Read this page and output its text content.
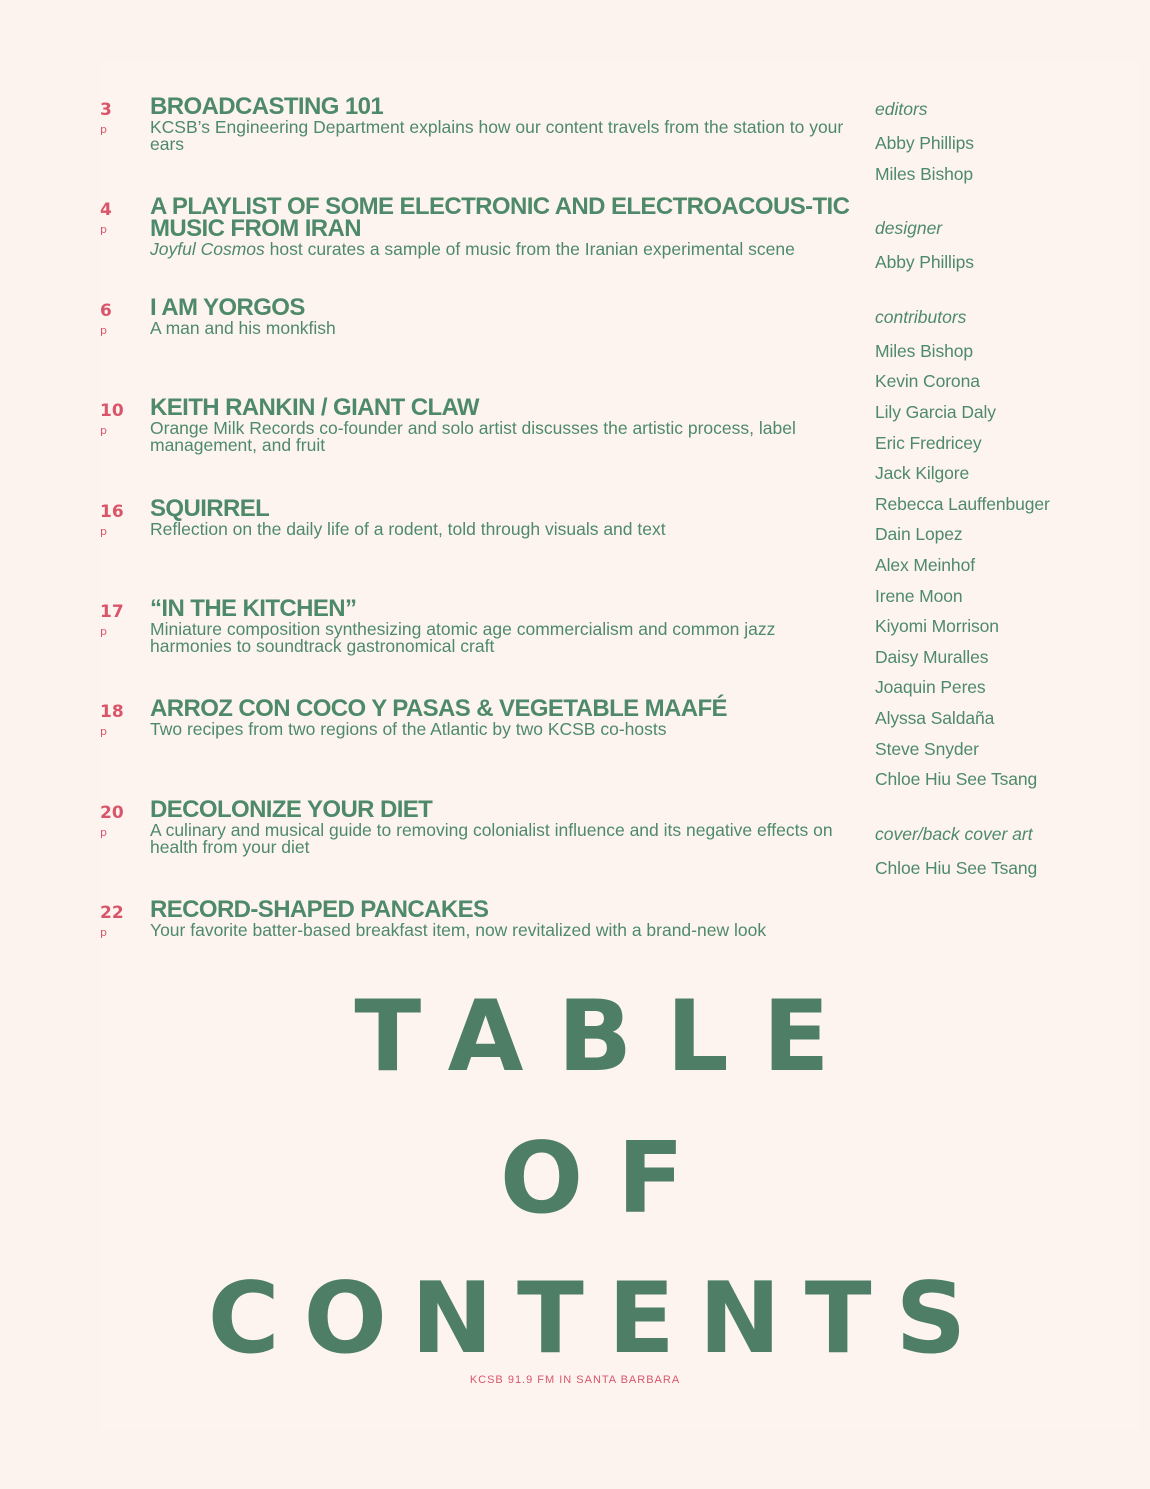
3
p

BROADCASTING 101

KCSB’s Engineering Department explains how our content travels from the station to your ears

4
p

A PLAYLIST OF SOME ELECTRONIC AND ELECTROACOUS-TIC MUSIC FROM IRAN

Joyful Cosmos host curates a sample of music from the Iranian experimental scene

6
p

I AM YORGOS

A man and his monkfish

10
p

KEITH RANKIN / GIANT CLAW

Orange Milk Records co-founder and solo artist discusses the artistic process, label management, and fruit

16
p

SQUIRREL

Reflection on the daily life of a rodent, told through visuals and text

17
p

“IN THE KITCHEN”

Miniature composition synthesizing atomic age commercialism and common jazz harmonies to soundtrack gastronomical craft

18
p

ARROZ CON COCO Y PASAS & VEGETABLE MAAFÉ

Two recipes from two regions of the Atlantic by two KCSB co-hosts

20
p

DECOLONIZE YOUR DIET

A culinary and musical guide to removing colonialist influence and its negative effects on health from your diet

22
p

RECORD-SHAPED PANCAKES

Your favorite batter-based breakfast item, now revitalized with a brand-new look

editors
Abby Phillips
Miles Bishop
designer
Abby Phillips
contributors
Miles Bishop
Kevin Corona
Lily Garcia Daly
Eric Fredricey
Jack Kilgore
Rebecca Lauffenbuger
Dain Lopez
Alex Meinhof
Irene Moon
Kiyomi Morrison
Daisy Muralles
Joaquin Peres
Alyssa Saldaña
Steve Snyder
Chloe Hiu See Tsang
cover/back cover art
Chloe Hiu See Tsang
TABLE
OF
CONTENTS
KCSB 91.9 FM IN SANTA BARBARA
